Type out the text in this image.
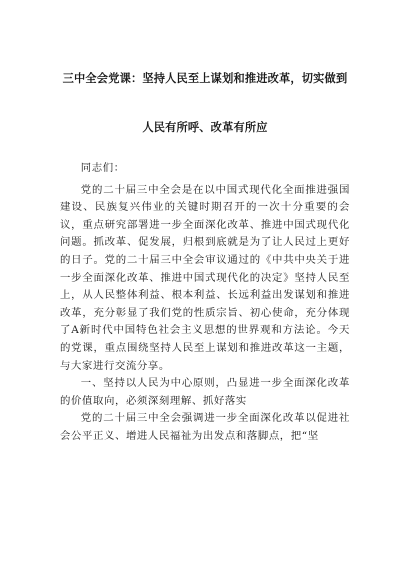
三中全会党课：坚持人民至上谋划和推进改革，切实做到
人民有所呼、改革有所应

同志们：

党的二十届三中全会是在以中国式现代化全面推进强国建设、民族复兴伟业的关键时期召开的一次十分重要的会议，重点研究部署进一步全面深化改革、推进中国式现代化问题。抓改革、促发展，归根到底就是为了让人民过上更好的日子。党的二十届三中全会审议通过的《中共中央关于进一步全面深化改革、推进中国式现代化的决定》坚持人民至上，从人民整体利益、根本利益、长远利益出发谋划和推进改革，充分彰显了我们党的性质宗旨、初心使命，充分体现了A新时代中国特色社会主义思想的世界观和方法论。今天的党课，重点围绕坚持人民至上谋划和推进改革这一主题，与大家进行交流分享。

一、坚持以人民为中心原则，凸显进一步全面深化改革的价值取向，必须深刻理解、抓好落实

党的二十届三中全会强调进一步全面深化改革以促进社会公平正义、增进人民福祉为出发点和落脚点，把“坚
